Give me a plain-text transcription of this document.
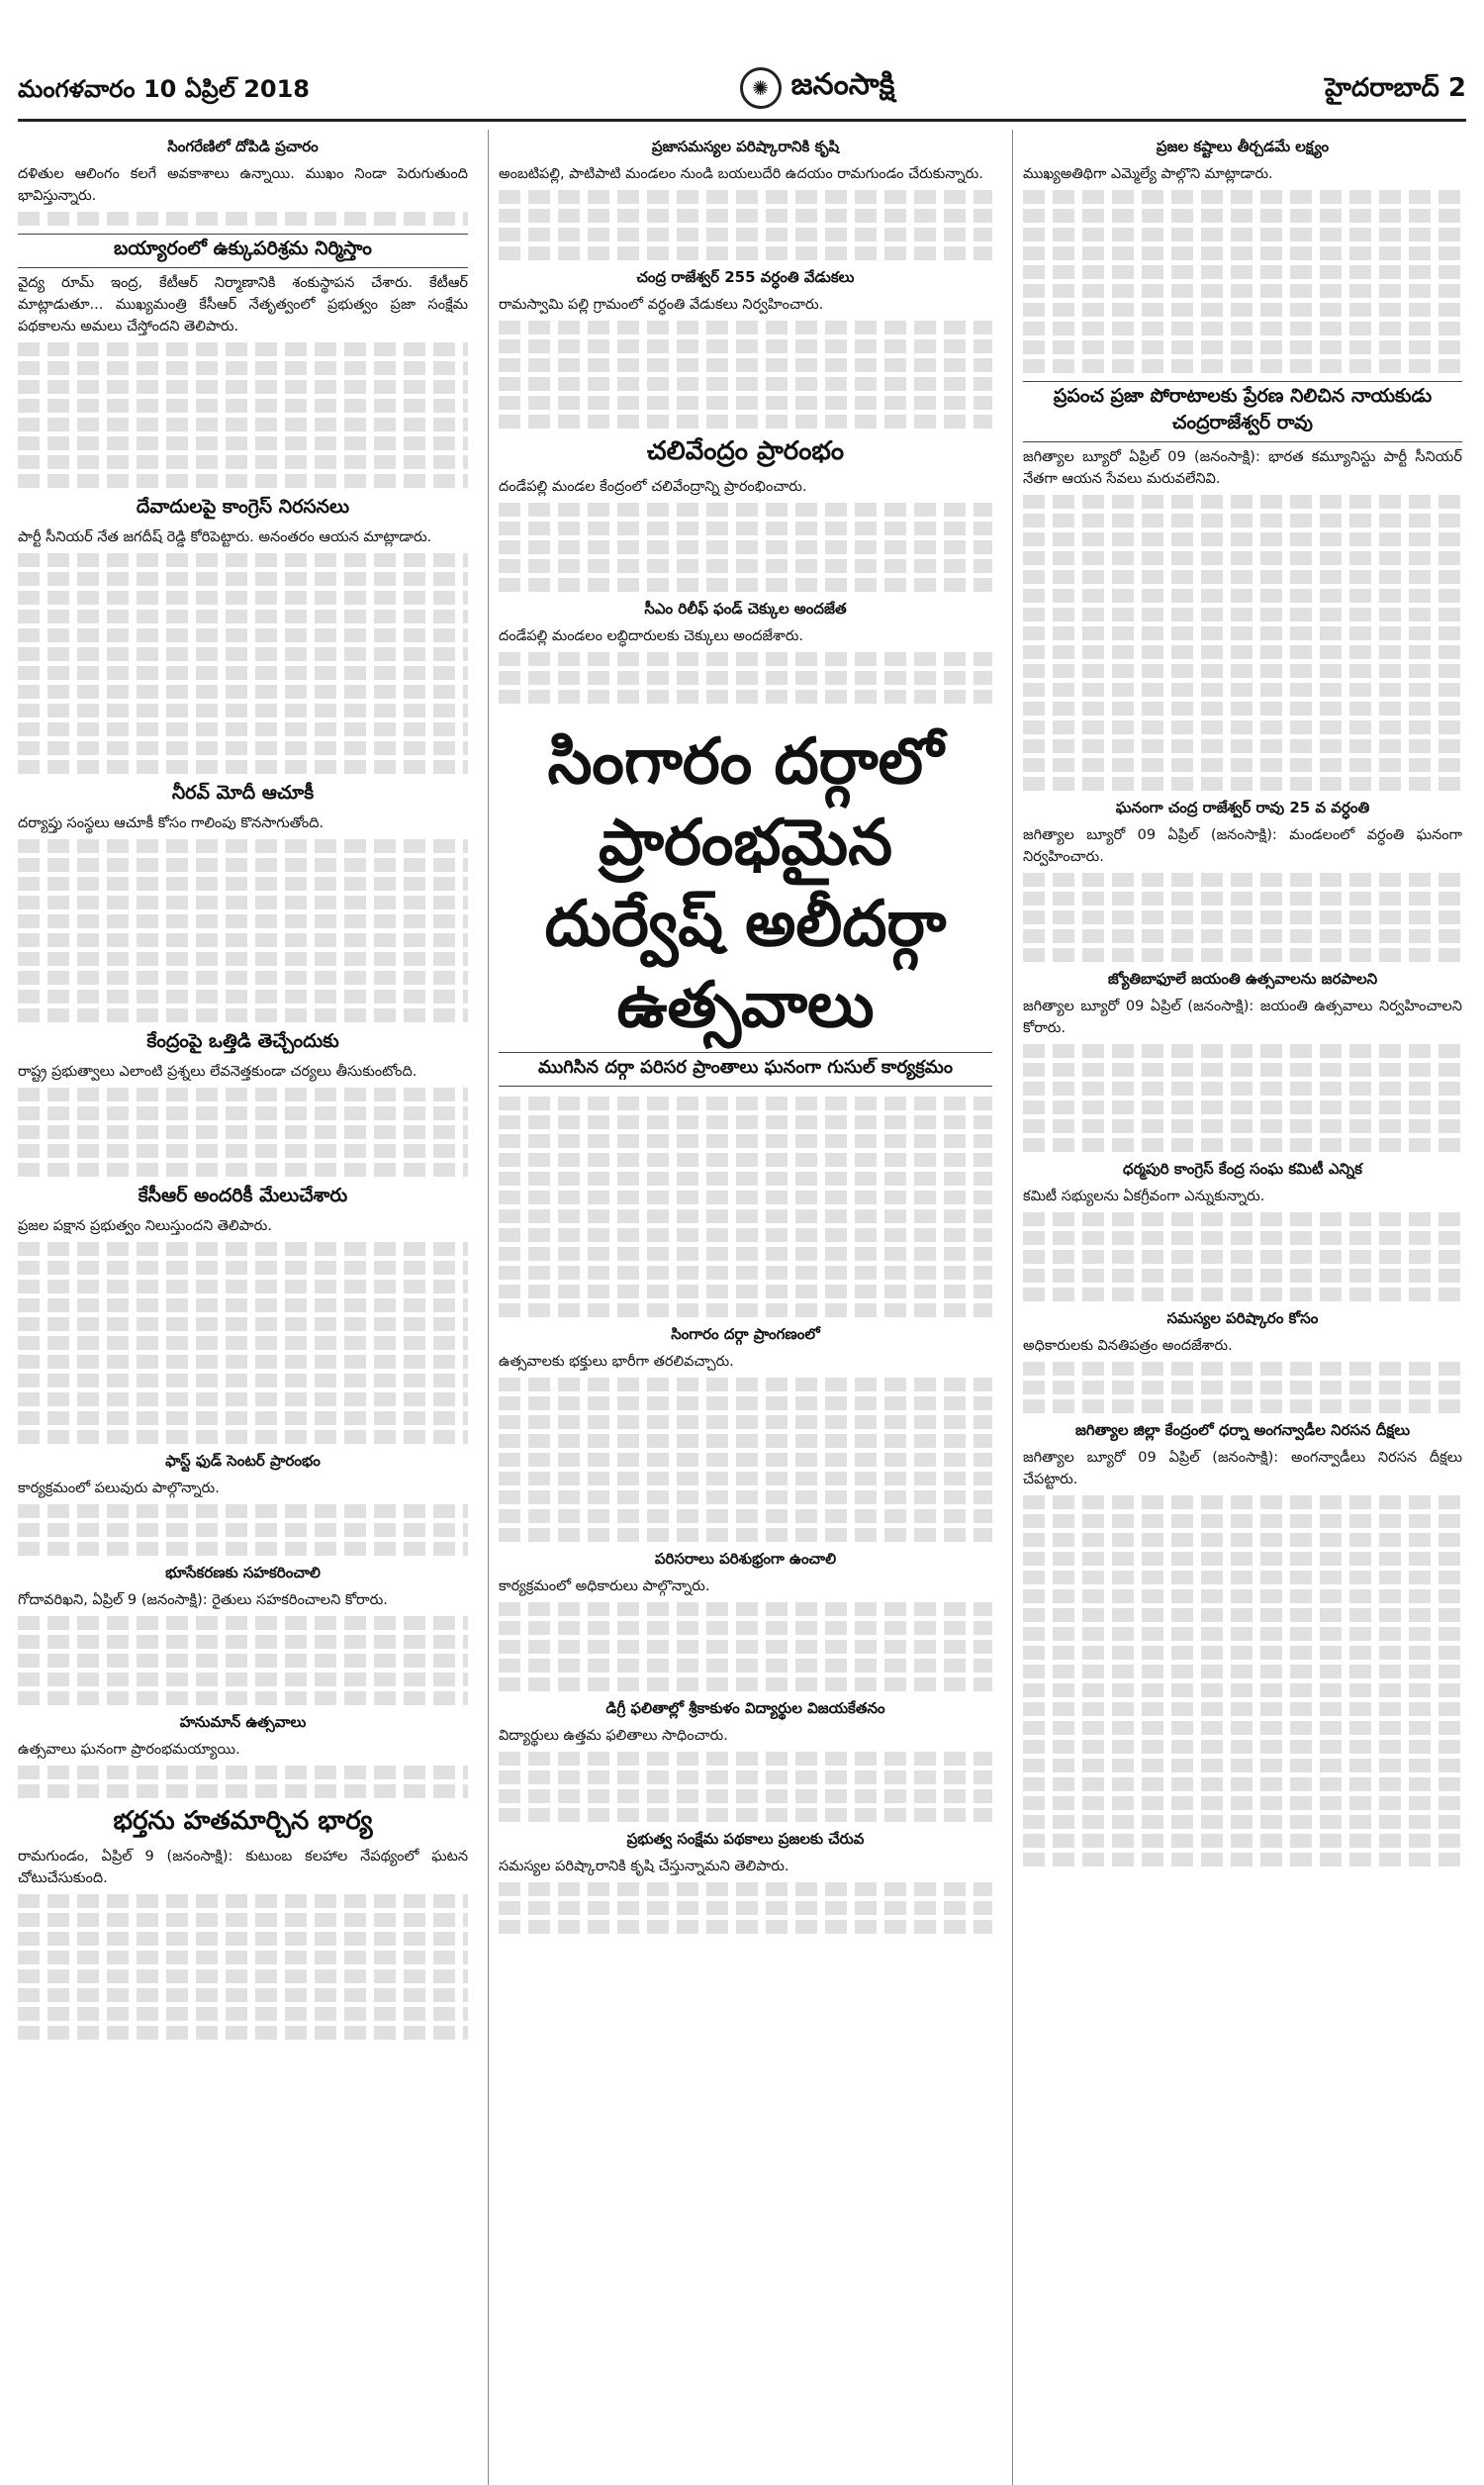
మంగళవారం 10 ఏప్రిల్ 2018	✺ జనంసాక్షి	హైదరాబాద్ 2
సింగరేణిలో దోపిడి ప్రచారం
దళితుల ఆలింగం కలగే అవకాశాలు ఉన్నాయి. ముఖం నిండా పెరుగుతుంది భావిస్తున్నారు.
బయ్యారంలో ఉక్కుపరిశ్రమ నిర్మిస్తాం
వైద్య రూమ్ ఇంద్ర, కేటీఆర్ నిర్మాణానికి శంకుస్థాపన చేశారు. కేటీఆర్ మాట్లాడుతూ... ముఖ్యమంత్రి కేసీఆర్ నేతృత్వంలో ప్రభుత్వం ప్రజా సంక్షేమ పథకాలను అమలు చేస్తోందని తెలిపారు.
దేవాదులపై కాంగ్రెస్ నిరసనలు
పార్టీ సీనియర్ నేత జగదీష్ రెడ్డి కోరిపెట్టారు. అనంతరం ఆయన మాట్లాడారు.
నీరవ్ మోదీ ఆచూకీ
దర్యాప్తు సంస్థలు ఆచూకీ కోసం గాలింపు కొనసాగుతోంది.
కేంద్రంపై ఒత్తిడి తెచ్చేందుకు
రాష్ట్ర ప్రభుత్వాలు ఎలాంటి ప్రశ్నలు లేవనెత్తకుండా చర్యలు తీసుకుంటోంది.
కేసీఆర్ అందరికీ మేలుచేశారు
ప్రజల పక్షాన ప్రభుత్వం నిలుస్తుందని తెలిపారు.
ఫాస్ట్ ఫుడ్ సెంటర్ ప్రారంభం
కార్యక్రమంలో పలువురు పాల్గొన్నారు.
భూసేకరణకు సహకరించాలి
గోదావరిఖని, ఏప్రిల్ 9 (జనంసాక్షి): రైతులు సహకరించాలని కోరారు.
హనుమాన్ ఉత్సవాలు
ఉత్సవాలు ఘనంగా ప్రారంభమయ్యాయి.
భర్తను హతమార్చిన భార్య
రామగుండం, ఏప్రిల్ 9 (జనంసాక్షి): కుటుంబ కలహాల నేపథ్యంలో ఘటన చోటుచేసుకుంది.
ప్రజాసమస్యల పరిష్కారానికి కృషి
అంబటిపల్లి, పాటిపాటి మండలం నుండి బయలుదేరి ఉదయం రామగుండం చేరుకున్నారు.
చంద్ర రాజేశ్వర్ 255 వర్ధంతి వేడుకలు
రామస్వామి పల్లి గ్రామంలో వర్ధంతి వేడుకలు నిర్వహించారు.
చలివేంద్రం ప్రారంభం
దండేపల్లి మండల కేంద్రంలో చలివేంద్రాన్ని ప్రారంభించారు.
సీఎం రిలీఫ్ ఫండ్ చెక్కుల అందజేత
దండేపల్లి మండలం లబ్ధిదారులకు చెక్కులు అందజేశారు.
సింగారం దర్గాలో ప్రారంభమైన దుర్వేష్ అలీదర్గా ఉత్సవాలు
ముగిసిన దర్గా పరిసర ప్రాంతాలు ఘనంగా గుసుల్ కార్యక్రమం
సింగారం దర్గా ప్రాంగణంలో
ఉత్సవాలకు భక్తులు భారీగా తరలివచ్చారు.
పరిసరాలు పరిశుభ్రంగా ఉంచాలి
కార్యక్రమంలో అధికారులు పాల్గొన్నారు.
డిగ్రీ ఫలితాల్లో శ్రీకాకుళం విద్యార్థుల విజయకేతనం
విద్యార్థులు ఉత్తమ ఫలితాలు సాధించారు.
ప్రభుత్వ సంక్షేమ పథకాలు ప్రజలకు చేరువ
సమస్యల పరిష్కారానికి కృషి చేస్తున్నామని తెలిపారు.
ప్రజల కష్టాలు తీర్చడమే లక్ష్యం
ముఖ్యఅతిథిగా ఎమ్మెల్యే పాల్గొని మాట్లాడారు.
ప్రపంచ ప్రజా పోరాటాలకు ప్రేరణ నిలిచిన నాయకుడు చంద్రరాజేశ్వర్ రావు
జగిత్యాల బ్యూరో ఏప్రిల్ 09 (జనంసాక్షి): భారత కమ్యూనిస్టు పార్టీ సీనియర్ నేతగా ఆయన సేవలు మరువలేనివి.
ఘనంగా చంద్ర రాజేశ్వర్ రావు 25 వ వర్ధంతి
జగిత్యాల బ్యూరో 09 ఏప్రిల్ (జనంసాక్షి): మండలంలో వర్ధంతి ఘనంగా నిర్వహించారు.
జ్యోతిబాఫూలే జయంతి ఉత్సవాలను జరపాలని
జగిత్యాల బ్యూరో 09 ఏప్రిల్ (జనంసాక్షి): జయంతి ఉత్సవాలు నిర్వహించాలని కోరారు.
ధర్మపురి కాంగ్రెస్ కేంద్ర సంఘ కమిటీ ఎన్నిక
కమిటీ సభ్యులను ఏకగ్రీవంగా ఎన్నుకున్నారు.
సమస్యల పరిష్కారం కోసం
అధికారులకు వినతిపత్రం అందజేశారు.
జగిత్యాల జిల్లా కేంద్రంలో ధర్నా అంగన్వాడీల నిరసన దీక్షలు
జగిత్యాల బ్యూరో 09 ఏప్రిల్ (జనంసాక్షి): అంగన్వాడీలు నిరసన దీక్షలు చేపట్టారు.
